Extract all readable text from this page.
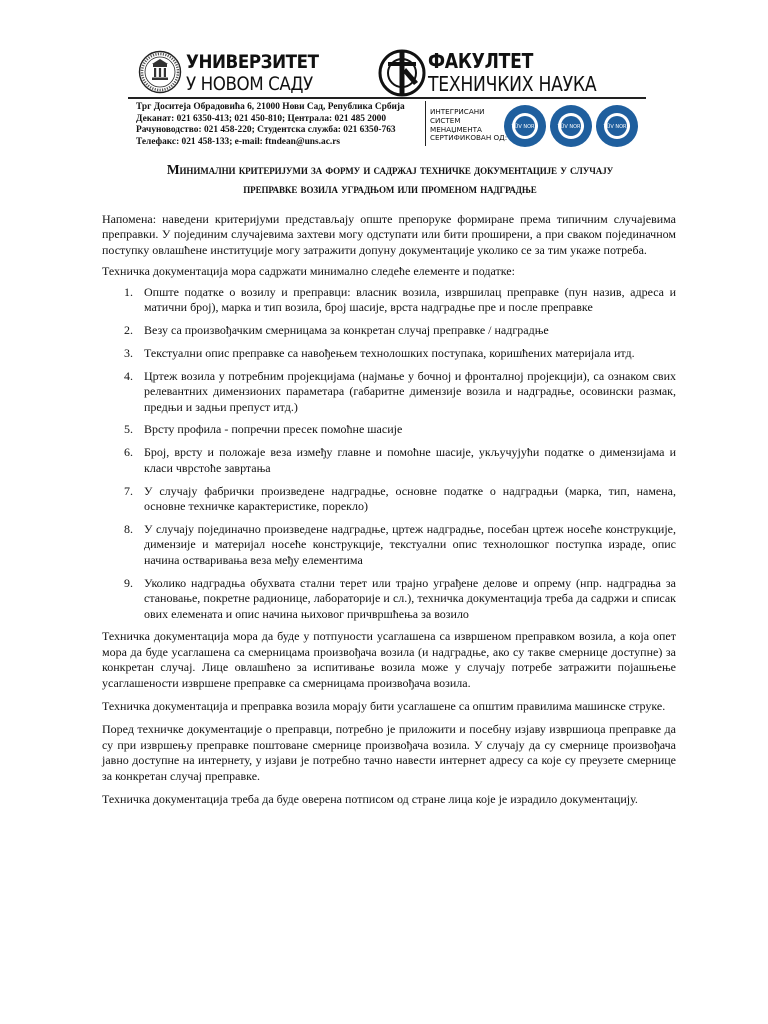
УНИВЕРЗИТЕТ
У НОВОМ САДУ
ФАКУЛТЕТ
ТЕХНИЧКИХ НАУКА
Трг Доситеја Обрадовића 6, 21000 Нови Сад, Република Србија
Деканат: 021 6350-413; 021 450-810; Централа: 021 485 2000
Рачуноводство: 021 458-220; Студентска служба: 021 6350-763
Телефакс: 021 458-133; e-mail: ftndean@uns.ac.rs
ИНТЕГРИСАНИ
СИСТЕМ
МЕНАЏМЕНТА
СЕРТИФИКОВАН ОД:
TÜV NORD	TÜV NORD	TÜV NORD
Минимални критеријуми за форму и садржај техничке документације у случају
преправке возила уградњом или променом надградње

Напомена: наведени критеријуми представљају опште препоруке формиране према типичним случајевима преправки. У појединим случајевима захтеви могу одступати или бити проширени, а при сваком појединачном поступку овлашћене институције могу затражити допуну документације уколико се за тим укаже потреба.

Техничка документација мора садржати минимално следеће елементе и податке:

1. Опште податке о возилу и преправци: власник возила, извршилац преправке (пун назив, адреса и матични број), марка и тип возила, број шасије, врста надградње пре и после преправке
2. Везу са произвођачким смерницама за конкретан случај преправке / надградње
3. Текстуални опис преправке са навођењем технолошких поступака, коришћених материјала итд.
4. Цртеж возила у потребним пројекцијама (најмање у бочној и фронталној пројекцији), са ознаком свих релевантних димензионих параметара (габаритне димензије возила и надградње, осовински размак, предњи и задњи препуст итд.)
5. Врсту профила - попречни пресек помоћне шасије
6. Број, врсту и положаје веза између главне и помоћне шасије, укључујући податке о димензијама и класи чврстоће завртања
7. У случају фабрички произведене надградње, основне податке о надградњи (марка, тип, намена, основне техничке карактеристике, порекло)
8. У случају појединачно произведене надградње, цртеж надградње, посебан цртеж носеће конструкције, димензије и материјал носеће конструкције, текстуални опис технолошког поступка израде, опис начина остваривања веза међу елементима
9. Уколико надградња обухвата стални терет или трајно уграђене делове и опрему (нпр. надградња за становање, покретне радионице, лабораторије и сл.), техничка документација треба да садржи и списак ових елемената и опис начина њиховог причвршћења за возило

Техничка документација мора да буде у потпуности усаглашена са извршеном преправком возила, а која опет мора да буде усаглашена са смерницама произвођача возила (и надградње, ако су такве смернице доступне) за конкретан случај. Лице овлашћено за испитивање возила може у случају потребе затражити појашњење усаглашености извршене преправке са смерницама произвођача возила.

Техничка документација и преправка возила морају бити усаглашене са општим правилима машинске струке.

Поред техничке документације о преправци, потребно је приложити и посебну изјаву извршиоца преправке да су при извршењу преправке поштоване смернице произвођача возила. У случају да су смернице произвођача јавно доступне на интернету, у изјави је потребно тачно навести интернет адресу са које су преузете смернице за конкретан случај преправке.

Техничка документација треба да буде оверена потписом од стране лица које је израдило документацију.
